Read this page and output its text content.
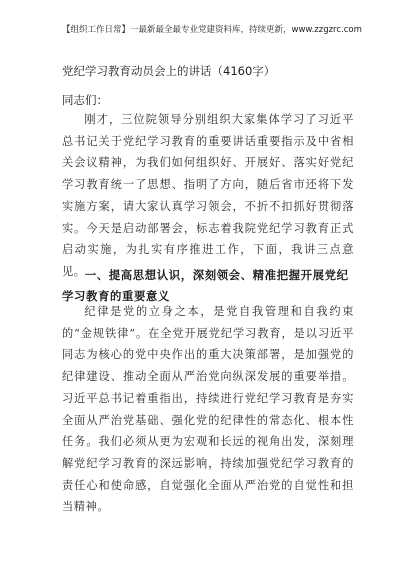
【组织工作日常】一最新最全最专业党建资料库，持续更新，www.zzgzrc.com
党纪学习教育动员会上的讲话（4160字）
同志们：

刚才，三位院领导分别组织大家集体学习了习近平总书记关于党纪学习教育的重要讲话重要指示及中省相关会议精神，为我们如何组织好、开展好、落实好党纪学习教育统一了思想、指明了方向，随后省市还将下发实施方案，请大家认真学习领会，不折不扣抓好贯彻落实。今天是启动部署会，标志着我院党纪学习教育正式启动实施，为扎实有序推进工作，下面，我讲三点意见。 一、提高思想认识，深刻领会、精准把握开展党纪学习教育的重要意义

纪律是党的立身之本，是党自我管理和自我约束的“金规铁律”。在全党开展党纪学习教育，是以习近平同志为核心的党中央作出的重大决策部署，是加强党的纪律建设、推动全面从严治党向纵深发展的重要举措。习近平总书记着重指出，持续进行党纪学习教育是夯实全面从严治党基础、强化党的纪律性的常态化、根本性任务。我们必须从更为宏观和长远的视角出发，深刻理解党纪学习教育的深远影响，持续加强党纪学习教育的责任心和使命感，自觉强化全面从严治党的自觉性和担当精神。
